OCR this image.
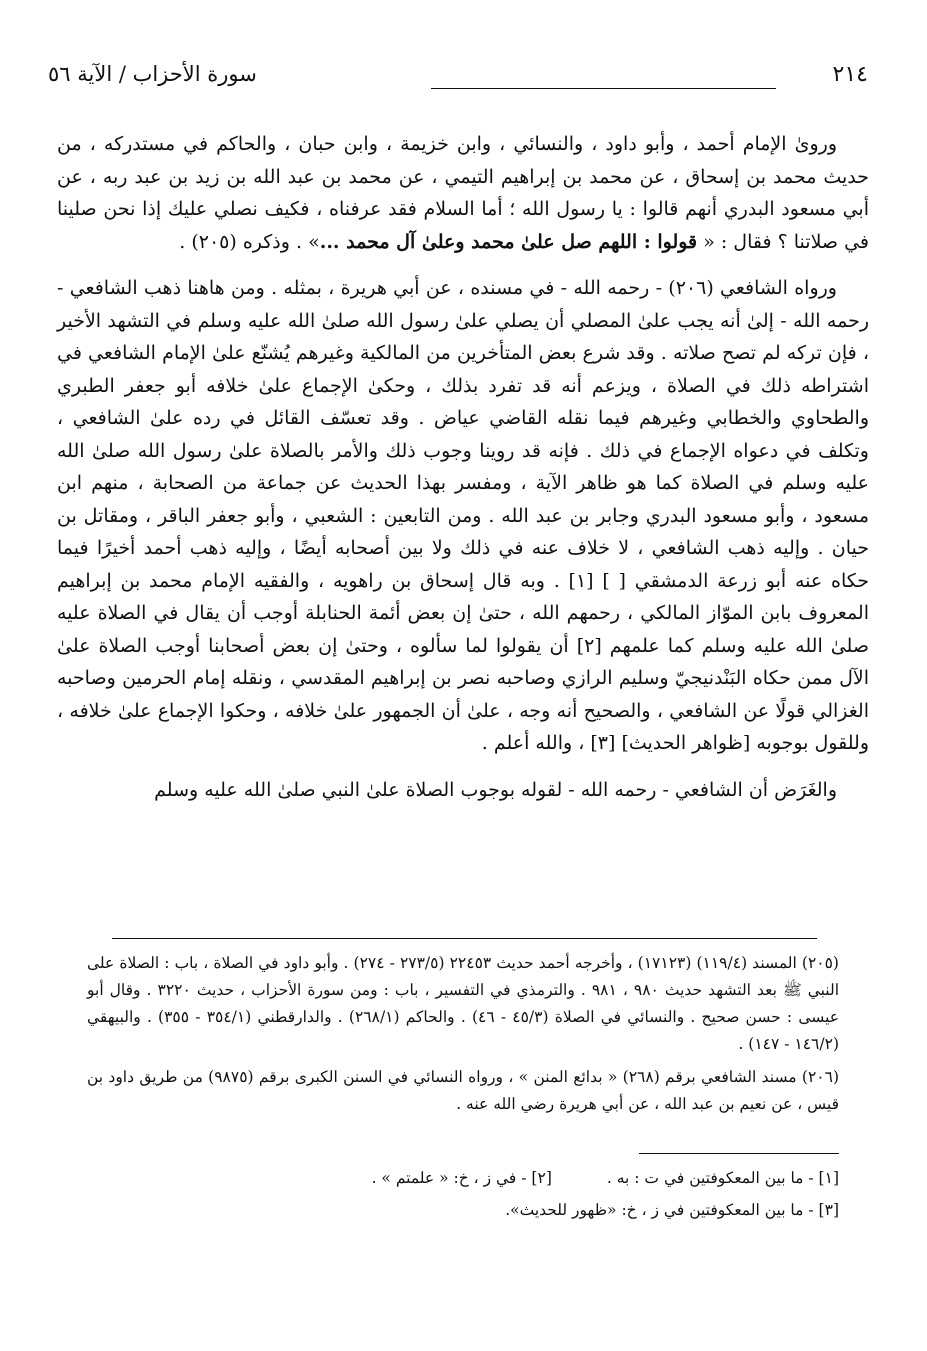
٢١٤
سورة الأحزاب / الآية ٥٦

ورویٰ الإمام أحمد ، وأبو داود ، والنسائي ، وابن خزيمة ، وابن حبان ، والحاكم في مستدركه ، من حديث محمد بن إسحاق ، عن محمد بن إبراهيم التيمي ، عن محمد بن عبد الله بن زيد بن عبد ربه ، عن أبي مسعود البدري أنهم قالوا : يا رسول الله ؛ أما السلام فقد عرفناه ، فكيف نصلي عليك إذا نحن صلينا في صلاتنا ؟ فقال : « قولوا : اللهم صل علىٰ محمد وعلىٰ آل محمد ...» . وذكره (٢٠٥) .

ورواه الشافعي (٢٠٦) - رحمه الله - في مسنده ، عن أبي هريرة ، بمثله . ومن هاهنا ذهب الشافعي - رحمه الله - إلىٰ أنه يجب علىٰ المصلي أن يصلي علىٰ رسول الله صلىٰ الله عليه وسلم في التشهد الأخير ، فإن تركه لم تصح صلاته . وقد شرع بعض المتأخرين من المالكية وغيرهم يُشنّع علىٰ الإمام الشافعي في اشتراطه ذلك في الصلاة ، ويزعم أنه قد تفرد بذلك ، وحكىٰ الإجماع علىٰ خلافه أبو جعفر الطبري والطحاوي والخطابي وغيرهم فيما نقله القاضي عياض . وقد تعسّف القائل في رده علىٰ الشافعي ، وتكلف في دعواه الإجماع في ذلك . فإنه قد روينا وجوب ذلك والأمر بالصلاة علىٰ رسول الله صلىٰ الله عليه وسلم في الصلاة كما هو ظاهر الآية ، ومفسر بهذا الحديث عن جماعة من الصحابة ، منهم ابن مسعود ، وأبو مسعود البدري وجابر بن عبد الله . ومن التابعين : الشعبي ، وأبو جعفر الباقر ، ومقاتل بن حيان . وإليه ذهب الشافعي ، لا خلاف عنه في ذلك ولا بين أصحابه أيضًا ، وإليه ذهب أحمد أخيرًا فيما حكاه عنه أبو زرعة الدمشقي [ ] [١] . وبه قال إسحاق بن راهويه ، والفقيه الإمام محمد بن إبراهيم المعروف بابن الموّاز المالكي ، رحمهم الله ، حتىٰ إن بعض أئمة الحنابلة أوجب أن يقال في الصلاة عليه صلىٰ الله عليه وسلم كما علمهم [٢] أن يقولوا لما سألوه ، وحتىٰ إن بعض أصحابنا أوجب الصلاة علىٰ الآل ممن حكاه البَنْدنيجيّ وسليم الرازي وصاحبه نصر بن إبراهيم المقدسي ، ونقله إمام الحرمين وصاحبه الغزالي قولًا عن الشافعي ، والصحيح أنه وجه ، علىٰ أن الجمهور علىٰ خلافه ، وحكوا الإجماع علىٰ خلافه ، وللقول بوجوبه [ظواهر الحديث] [٣] ، والله أعلم .

والغَرَض أن الشافعي - رحمه الله - لقوله بوجوب الصلاة علىٰ النبي صلىٰ الله عليه وسلم

(٢٠٥) المسند (١١٩/٤) (١٧١٢٣) ، وأخرجه أحمد حديث ٢٢٤٥٣ (٢٧٣/٥ - ٢٧٤) . وأبو داود في الصلاة ، باب : الصلاة على النبي ﷺ بعد التشهد حديث ٩٨٠ ، ٩٨١ . والترمذي في التفسير ، باب : ومن سورة الأحزاب ، حديث ٣٢٢٠ . وقال أبو عيسى : حسن صحيح . والنسائي في الصلاة (٤٥/٣ - ٤٦) . والحاكم (٢٦٨/١) . والدارقطني (٣٥٤/١ - ٣٥٥) . والبيهقي (١٤٦/٢ - ١٤٧) .

(٢٠٦) مسند الشافعي برقم (٢٦٨) « بدائع المنن » ، ورواه النسائي في السنن الكبرى برقم (٩٨٧٥) من طريق داود بن قيس ، عن نعيم بن عبد الله ، عن أبي هريرة رضي الله عنه .

[١] - ما بين المعكوفتين في ت : به .
[٢] - في ز ، خ: « علمتم » .
[٣] - ما بين المعكوفتين في ز ، خ: «ظهور للحديث».
